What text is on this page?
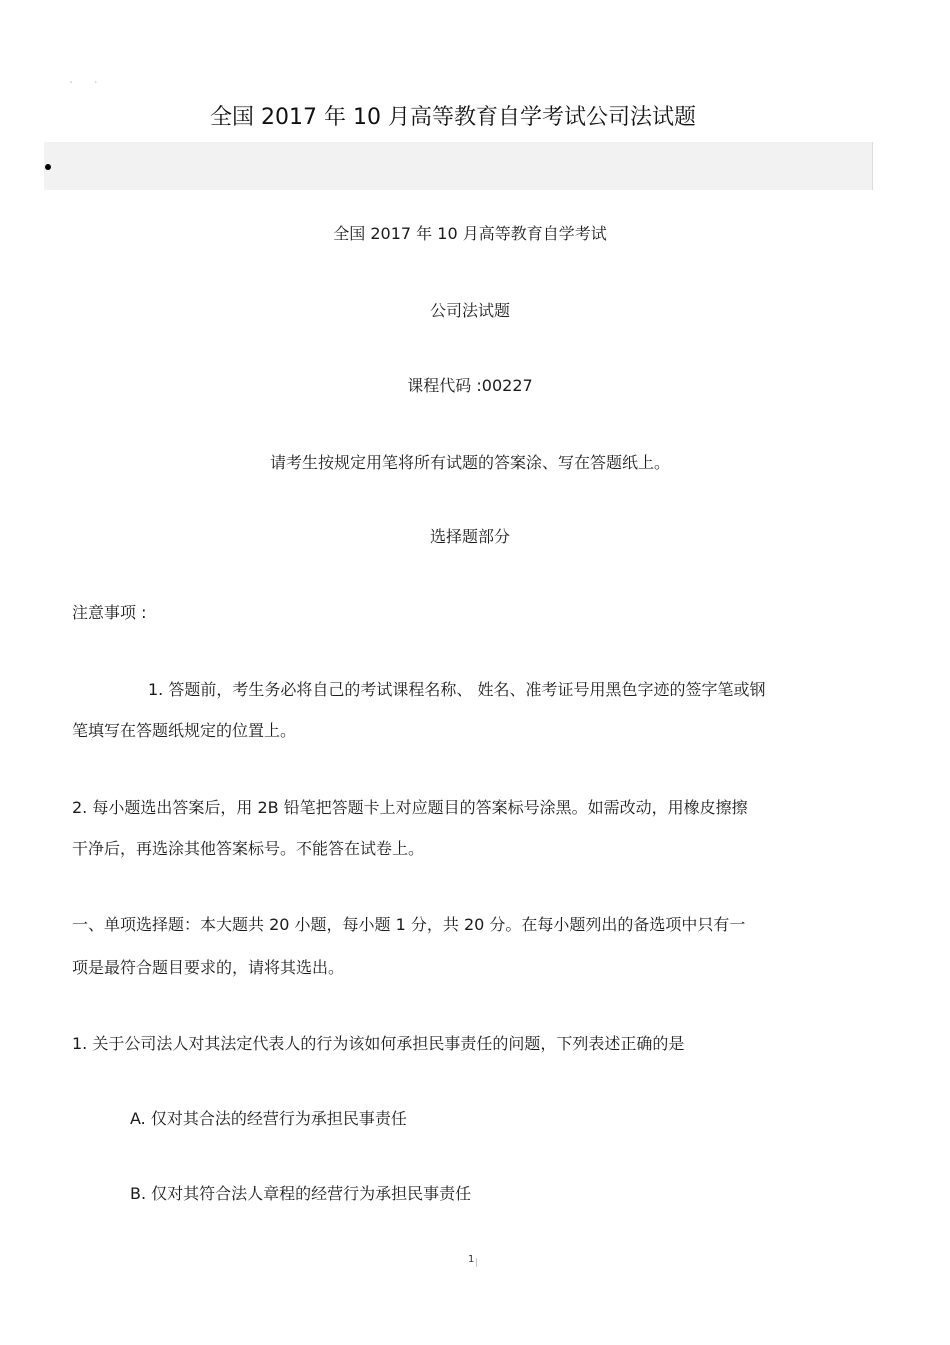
' '
全国 2017 年 10 月高等教育自学考试公司法试题
全国 2017 年 10 月高等教育自学考试
公司法试题
课程代码 :00227
请考生按规定用笔将所有试题的答案涂、写在答题纸上。
选择题部分
注意事项 :
1. 答题前，考生务必将自己的考试课程名称、 姓名、准考证号用黑色字迹的签字笔或钢
笔填写在答题纸规定的位置上。
2. 每小题选出答案后，用 2B 铅笔把答题卡上对应题目的答案标号涂黑。如需改动，用橡皮擦擦
干净后，再选涂其他答案标号。不能答在试卷上。
一、单项选择题：本大题共 20 小题，每小题 1 分，共 20 分。在每小题列出的备选项中只有一
项是最符合题目要求的，请将其选出。
1. 关于公司法人对其法定代表人的行为该如何承担民事责任的问题，下列表述正确的是
A. 仅对其合法的经营行为承担民事责任
B. 仅对其符合法人章程的经营行为承担民事责任
1
